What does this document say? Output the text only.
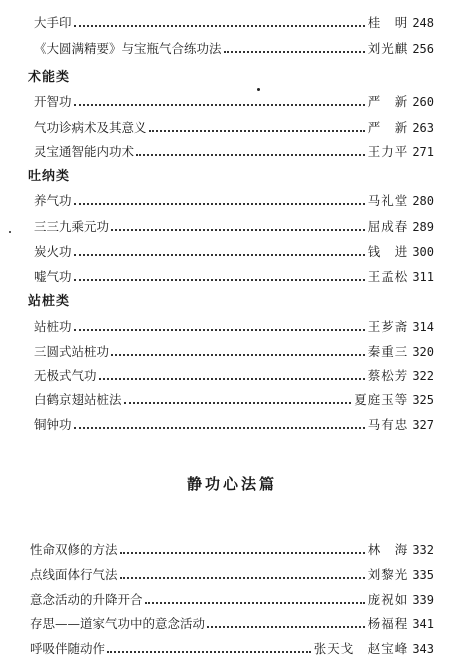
大手印	桂　明 248
《大圆满精要》与宝瓶气合练功法	刘光麒 256
术能类
开智功	严　新 260
气功诊病术及其意义	严　新 263
灵宝通智能内功术	王力平 271
吐纳类
养气功	马礼堂 280
三三九乘元功	屈成春 289
炭火功	钱　进 300
嘘气功	王孟松 311
站桩类
站桩功	王芗斋 314
三圆式站桩功	秦重三 320
无极式气功	蔡松芳 322
白鹤京翅站桩法	夏庭玉等 325
铜钟功	马有忠 327
静功心法篇
性命双修的方法	林　海 332
点线面体行气法	刘黎光 335
意念活动的升降开合	庞祝如 339
存思——道家气功中的意念活动	杨福程 341
呼吸伴随动作	张天戈　赵宝峰 343
